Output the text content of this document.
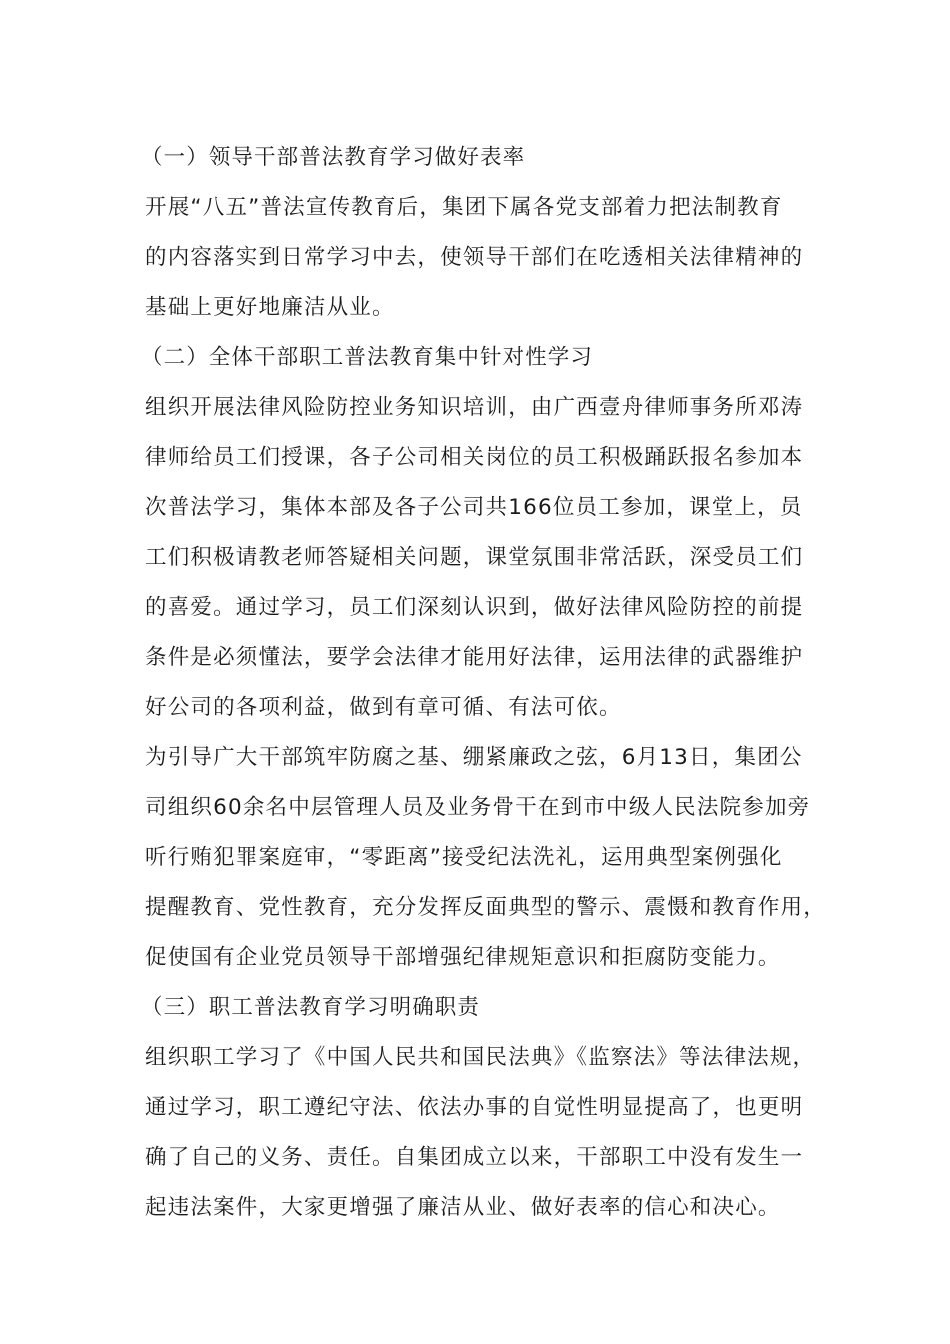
（一）领导干部普法教育学习做好表率

开展“八五”普法宣传教育后，集团下属各党支部着力把法制教育

的内容落实到日常学习中去，使领导干部们在吃透相关法律精神的

基础上更好地廉洁从业。

（二）全体干部职工普法教育集中针对性学习

组织开展法律风险防控业务知识培训，由广西壹舟律师事务所邓涛

律师给员工们授课，各子公司相关岗位的员工积极踊跃报名参加本

次普法学习，集体本部及各子公司共166位员工参加，课堂上，员

工们积极请教老师答疑相关问题，课堂氛围非常活跃，深受员工们

的喜爱。通过学习，员工们深刻认识到，做好法律风险防控的前提

条件是必须懂法，要学会法律才能用好法律，运用法律的武器维护

好公司的各项利益，做到有章可循、有法可依。

为引导广大干部筑牢防腐之基、绷紧廉政之弦，6月13日，集团公

司组织60余名中层管理人员及业务骨干在到市中级人民法院参加旁

听行贿犯罪案庭审，“零距离”接受纪法洗礼，运用典型案例强化

提醒教育、党性教育，充分发挥反面典型的警示、震慑和教育作用，

促使国有企业党员领导干部增强纪律规矩意识和拒腐防变能力。

（三）职工普法教育学习明确职责

组织职工学习了《中国人民共和国民法典》《监察法》等法律法规，

通过学习，职工遵纪守法、依法办事的自觉性明显提高了，也更明

确了自己的义务、责任。自集团成立以来，干部职工中没有发生一

起违法案件，大家更增强了廉洁从业、做好表率的信心和决心。
